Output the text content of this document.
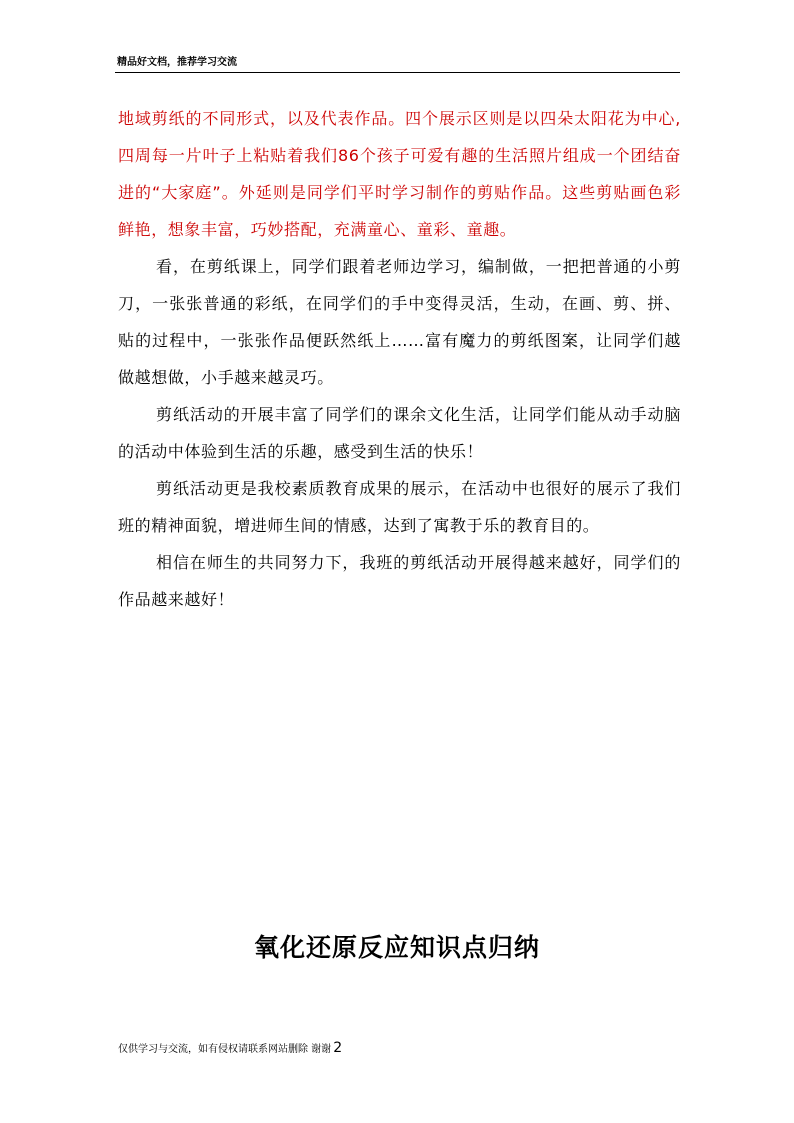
精品好文档，推荐学习交流

地域剪纸的不同形式，以及代表作品。四个展示区则是以四朵太阳花为中心,四周每一片叶子上粘贴着我们86个孩子可爱有趣的生活照片组成一个团结奋进的“大家庭”。外延则是同学们平时学习制作的剪贴作品。这些剪贴画色彩鲜艳，想象丰富，巧妙搭配，充满童心、童彩、童趣。

看，在剪纸课上，同学们跟着老师边学习，编制做，一把把普通的小剪刀，一张张普通的彩纸，在同学们的手中变得灵活，生动，在画、剪、拼、贴的过程中，一张张作品便跃然纸上……富有魔力的剪纸图案，让同学们越做越想做，小手越来越灵巧。

剪纸活动的开展丰富了同学们的课余文化生活，让同学们能从动手动脑的活动中体验到生活的乐趣，感受到生活的快乐！

剪纸活动更是我校素质教育成果的展示，在活动中也很好的展示了我们班的精神面貌，增进师生间的情感，达到了寓教于乐的教育目的。

相信在师生的共同努力下，我班的剪纸活动开展得越来越好，同学们的作品越来越好！

氧化还原反应知识点归纳
仅供学习与交流，如有侵权请联系网站删除 谢谢 2
